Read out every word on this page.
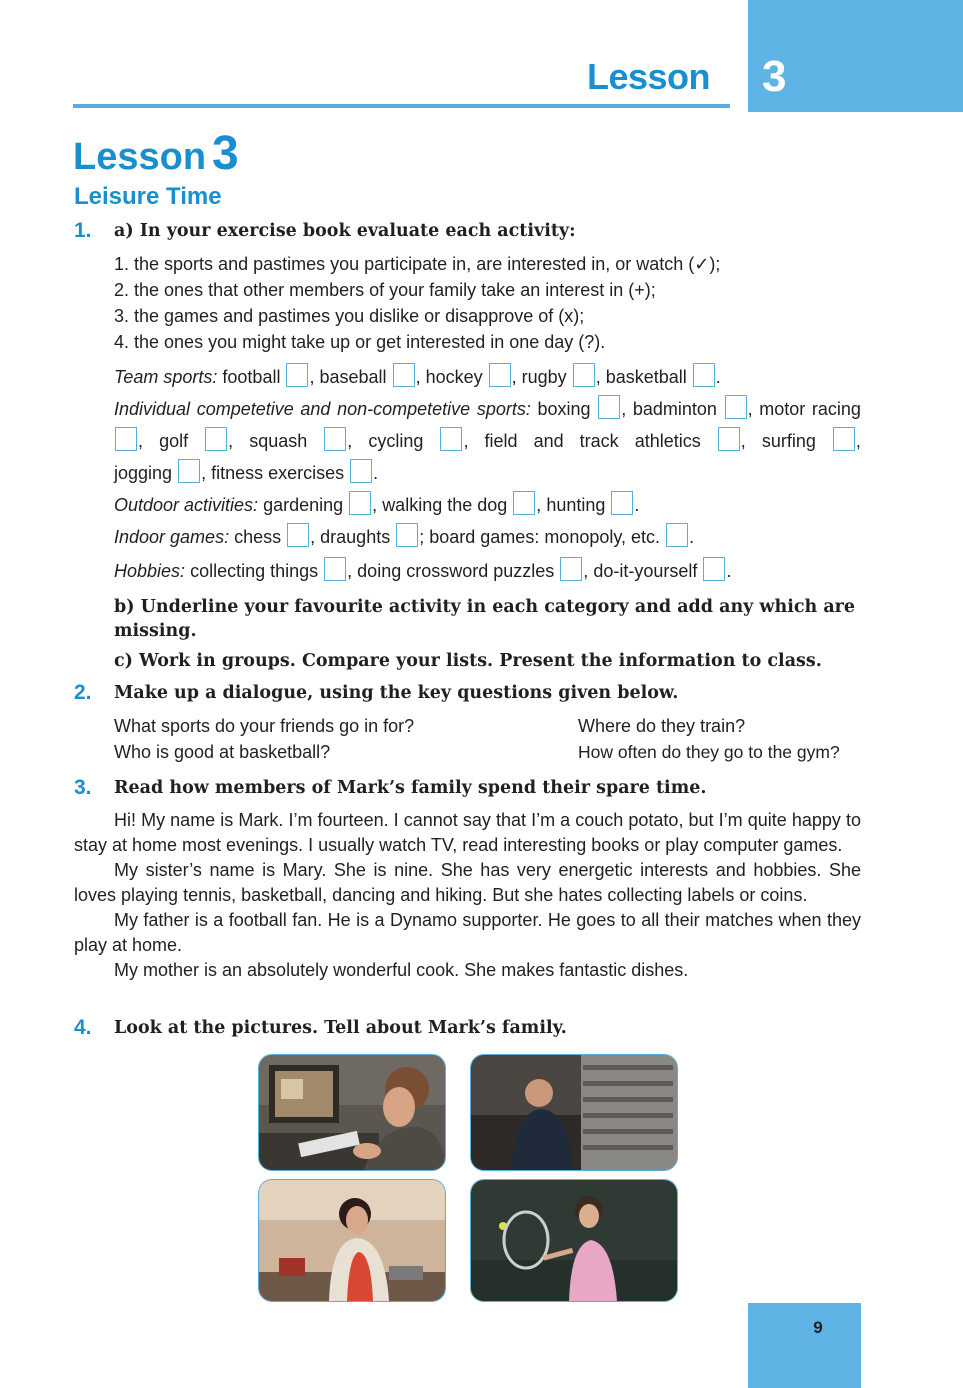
Lesson 3
Lesson 3
Leisure Time
1. a) In your exercise book evaluate each activity:
1. the sports and pastimes you participate in, are interested in, or watch (✓);
2. the ones that other members of your family take an interest in (+);
3. the games and pastimes you dislike or disapprove of (x);
4. the ones you might take up or get interested in one day (?).
Team sports: football , baseball , hockey , rugby , basketball .
Individual competetive and non-competetive sports: boxing , badminton , motor racing
, golf , squash , cycling , field and track athletics , surfing ,
jogging , fitness exercises .
Outdoor activities: gardening , walking the dog , hunting .
Indoor games: chess , draughts ; board games: monopoly, etc. .
Hobbies: collecting things , doing crossword puzzles , do-it-yourself .
b) Underline your favourite activity in each category and add any which are missing.
c) Work in groups. Compare your lists. Present the information to class.
2. Make up a dialogue, using the key questions given below.
What sports do your friends go in for?	Where do they train?
Who is good at basketball?	How often do they go to the gym?
3. Read how members of Mark’s family spend their spare time.
Hi! My name is Mark. I’m fourteen. I cannot say that I’m a couch potato, but I’m quite happy to stay at home most evenings. I usually watch TV, read interesting books or play computer games.
My sister’s name is Mary. She is nine. She has very energetic interests and hobbies. She loves playing tennis, basketball, dancing and hiking. But she hates collecting labels or coins.
My father is a football fan. He is a Dynamo supporter. He goes to all their matches when they play at home.
My mother is an absolutely wonderful cook. She makes fantastic dishes.
4. Look at the pictures. Tell about Mark’s family.
9
